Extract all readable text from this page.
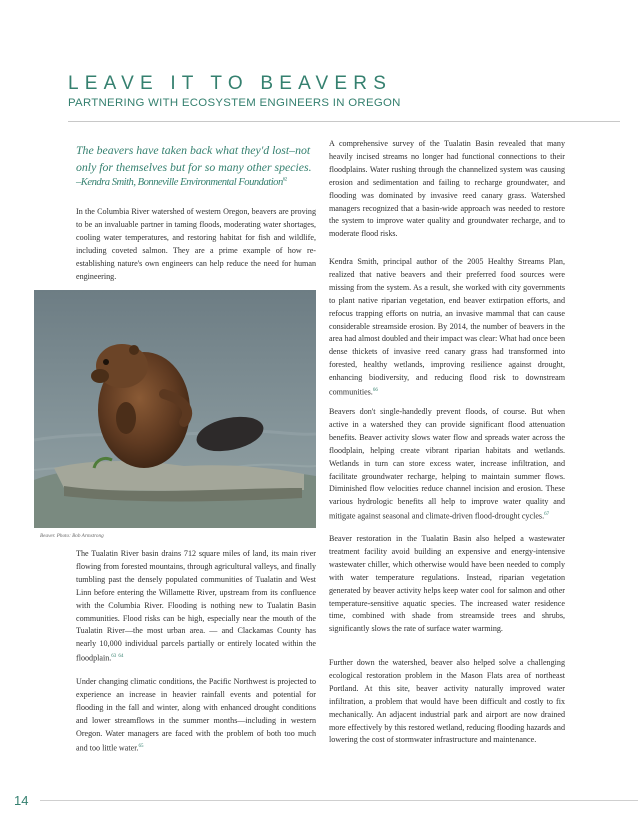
LEAVE IT TO BEAVERS
PARTNERING WITH ECOSYSTEM ENGINEERS IN OREGON
The beavers have taken back what they'd lost–not only for themselves but for so many other species.
–Kendra Smith, Bonneville Environmental Foundation$^{62}$
In the Columbia River watershed of western Oregon, beavers are proving to be an invaluable partner in taming floods, moderating water shortages, cooling water temperatures, and restoring habitat for fish and wildlife, including coveted salmon. They are a prime example of how re-establishing nature's own engineers can help reduce the need for human engineering.
Beaver. Photo: Bob Armstrong
The Tualatin River basin drains 712 square miles of land, its main river flowing from forested mountains, through agricultural valleys, and finally tumbling past the densely populated communities of Tualatin and West Linn before entering the Willamette River, upstream from its confluence with the Columbia River. Flooding is nothing new to Tualatin Basin communities. Flood risks can be high, especially near the mouth of the Tualatin River—the most urban area. — and Clackamas County has nearly 10,000 individual parcels partially or entirely located within the floodplain.$^{63}$ $^{64}$
Under changing climatic conditions, the Pacific Northwest is projected to experience an increase in heavier rainfall events and potential for flooding in the fall and winter, along with enhanced drought conditions and lower streamflows in the summer months—including in western Oregon. Water managers are faced with the problem of both too much and too little water.$^{65}$
A comprehensive survey of the Tualatin Basin revealed that many heavily incised streams no longer had functional connections to their floodplains. Water rushing through the channelized system was causing erosion and sedimentation and failing to recharge groundwater, and flooding was dominated by invasive reed canary grass. Watershed managers recognized that a basin-wide approach was needed to restore the system to improve water quality and groundwater recharge, and to moderate flood risks.
Kendra Smith, principal author of the 2005 Healthy Streams Plan, realized that native beavers and their preferred food sources were missing from the system. As a result, she worked with city governments to plant native riparian vegetation, end beaver extirpation efforts, and refocus trapping efforts on nutria, an invasive mammal that can cause considerable streamside erosion. By 2014, the number of beavers in the area had almost doubled and their impact was clear: What had once been dense thickets of invasive reed canary grass had transformed into forested, healthy wetlands, improving resilience against drought, enhancing biodiversity, and reducing flood risk to downstream communities.$^{66}$
Beavers don't single-handedly prevent floods, of course. But when active in a watershed they can provide significant flood attenuation benefits. Beaver activity slows water flow and spreads water across the floodplain, helping create vibrant riparian habitats and wetlands. Wetlands in turn can store excess water, increase infiltration, and facilitate groundwater recharge, helping to maintain summer flows. Diminished flow velocities reduce channel incision and erosion. These various hydrologic benefits all help to improve water quality and mitigate against seasonal and climate-driven flood-drought cycles.$^{67}$
Beaver restoration in the Tualatin Basin also helped a wastewater treatment facility avoid building an expensive and energy-intensive wastewater chiller, which otherwise would have been needed to comply with water temperature regulations. Instead, riparian vegetation generated by beaver activity helps keep water cool for salmon and other temperature-sensitive aquatic species. The increased water residence time, combined with shade from streamside trees and shrubs, significantly slows the rate of surface water warming.
Further down the watershed, beaver also helped solve a challenging ecological restoration problem in the Mason Flats area of northeast Portland. At this site, beaver activity naturally improved water infiltration, a problem that would have been difficult and costly to fix mechanically. An adjacent industrial park and airport are now drained more effectively by this restored wetland, reducing flooding hazards and lowering the cost of stormwater infrastructure and maintenance.
14
